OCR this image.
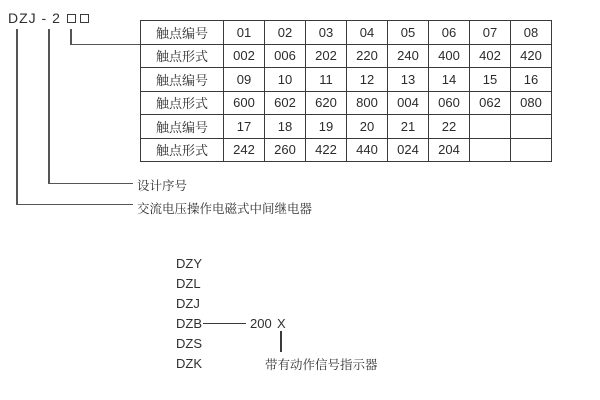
DZJ - 2
设计序号
交流电压操作电磁式中间继电器
触点编号	01	02	03	04	05	06	07	08
触点形式	002	006	202	220	240	400	402	420
触点编号	09	10	11	12	13	14	15	16
触点形式	600	602	620	800	004	060	062	080
触点编号	17	18	19	20	21	22		
触点形式	242	260	422	440	024	204		
DZY
DZL
DZJ
DZB
DZS
DZK
200 X
带有动作信号指示器
